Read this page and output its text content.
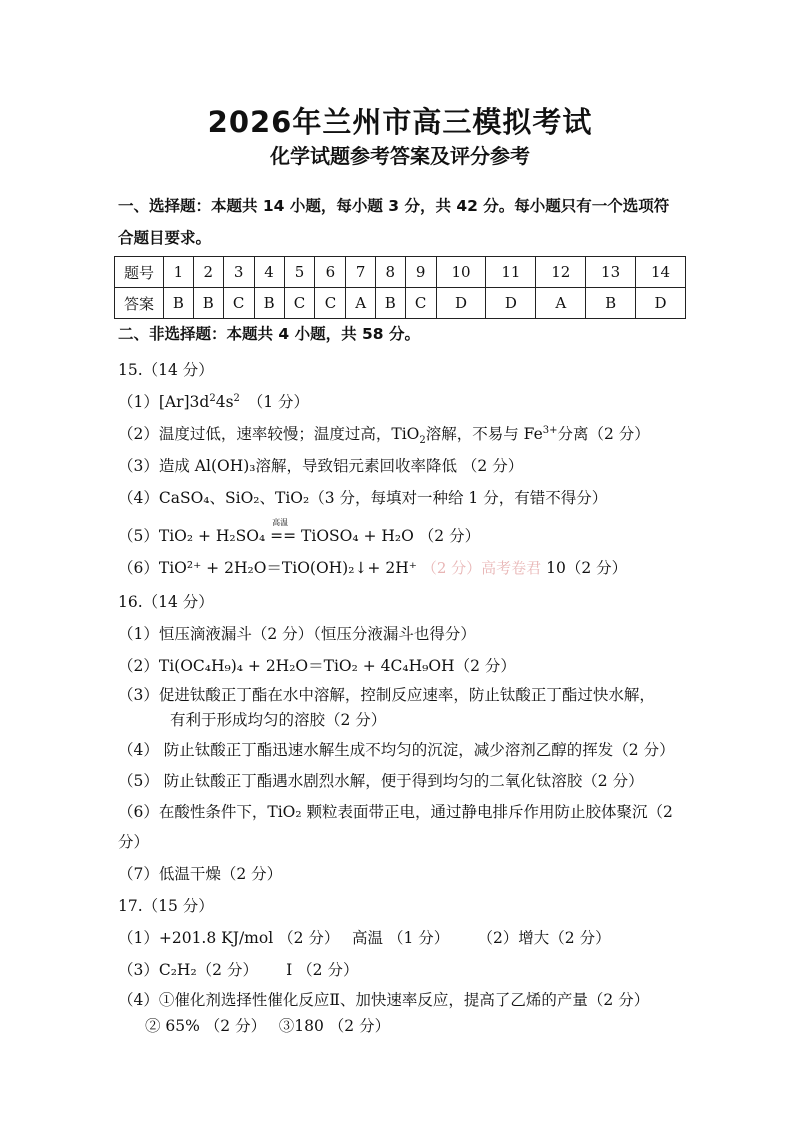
2026年兰州市高三模拟考试
化学试题参考答案及评分参考
一、选择题：本题共 14 小题，每小题 3 分，共 42 分。每小题只有一个选项符
合题目要求。
题号	1	2	3	4	5	6	7	8	9	10	11	12	13	14
答案	B	B	C	B	C	C	A	B	C	D	D	A	B	D
二、非选择题：本题共 4 小题，共 58 分。
15.（14 分）
$(1)[Ar]3d^24s^2$　 （1 分）
（2）温度过低，速率较慢；温度过高，TiO$_2$溶解，不易与 $Fe^{3+}$分离（2 分）
（3）造成 Al(OH)₃溶解，导致铝元素回收率降低 （2 分）
（4）CaSO₄、SiO₂、TiO₂（3 分，每填对一种给 1 分，有错不得分）
（5）TiO₂ + H₂SO₄
高温
== TiOSO₄ + H₂O （2 分）
（6）TiO²⁺ + 2H₂O＝TiO(OH)₂↓+ 2H⁺ （2 分）高考卷君 10（2 分）
16.（14 分）
（1）恒压滴液漏斗（2 分）（恒压分液漏斗也得分）
（2）Ti(OC₄H₉)₄ + 2H₂O＝TiO₂ + 4C₄H₉OH（2 分）
（3）促进钛酸正丁酯在水中溶解，控制反应速率，防止钛酸正丁酯过快水解，
有利于形成均匀的溶胶（2 分）
（4） 防止钛酸正丁酯迅速水解生成不均匀的沉淀，减少溶剂乙醇的挥发（2 分）
（5） 防止钛酸正丁酯遇水剧烈水解，便于得到均匀的二氧化钛溶胶（2 分）
（6）在酸性条件下，TiO₂ 颗粒表面带正电，通过静电排斥作用防止胶体聚沉（2
分）
（7）低温干燥（2 分）
17.（15 分）
（1）+201.8 KJ/mol （2 分）　 高温 （1 分）　　 （2）增大（2 分）
（3）C₂H₂（2 分）　　 I （2 分）
（4）①催化剂选择性催化反应Ⅱ、加快速率反应，提高了乙烯的产量（2 分）
② 65% （2 分）　 ③180 （2 分）
